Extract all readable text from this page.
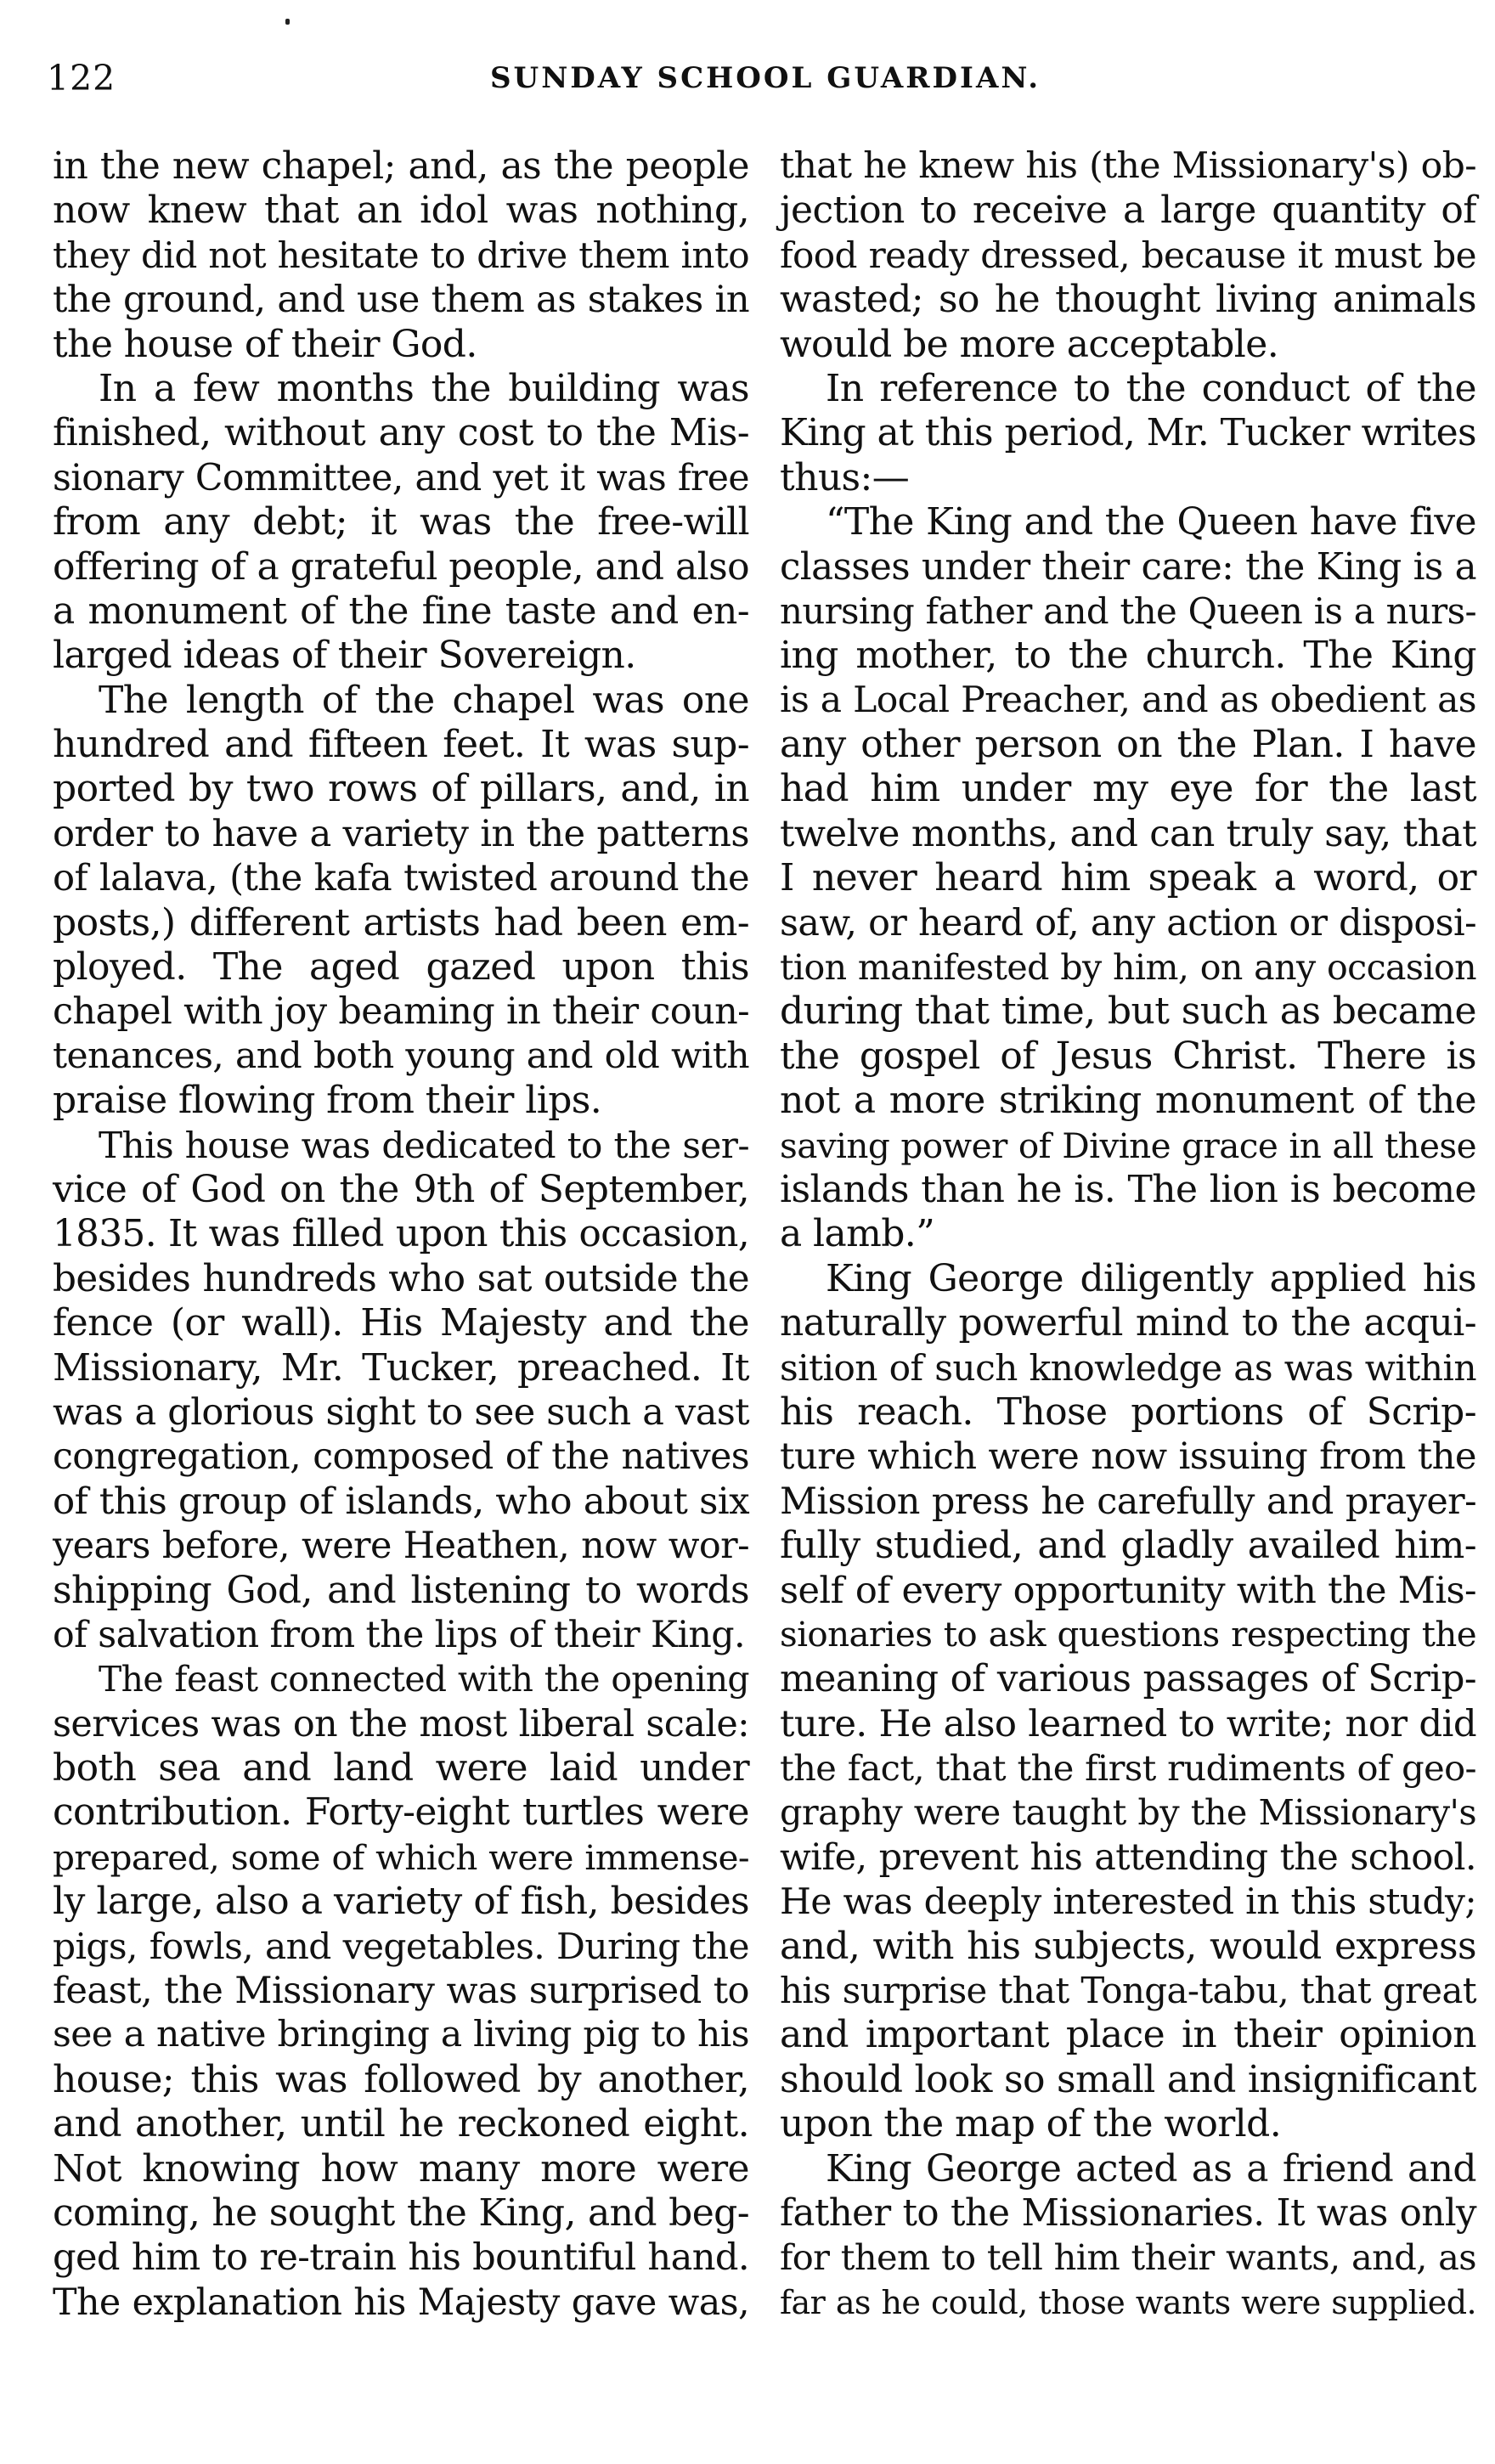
122	SUNDAY SCHOOL GUARDIAN.
in the new chapel; and, as the people
now knew that an idol was nothing,
they did not hesitate to drive them into
the ground, and use them as stakes in
the house of their God.
In a few months the building was
finished, without any cost to the Mis-
sionary Committee, and yet it was free
from any debt; it was the free-will
offering of a grateful people, and also
a monument of the fine taste and en-
larged ideas of their Sovereign.
The length of the chapel was one
hundred and fifteen feet. It was sup-
ported by two rows of pillars, and, in
order to have a variety in the patterns
of lalava, (the kafa twisted around the
posts,) different artists had been em-
ployed. The aged gazed upon this
chapel with joy beaming in their coun-
tenances, and both young and old with
praise flowing from their lips.
This house was dedicated to the ser-
vice of God on the 9th of September,
1835. It was filled upon this occasion,
besides hundreds who sat outside the
fence (or wall). His Majesty and the
Missionary, Mr. Tucker, preached. It
was a glorious sight to see such a vast
congregation, composed of the natives
of this group of islands, who about six
years before, were Heathen, now wor-
shipping God, and listening to words
of salvation from the lips of their King.
The feast connected with the opening
services was on the most liberal scale:
both sea and land were laid under
contribution. Forty-eight turtles were
prepared, some of which were immense-
ly large, also a variety of fish, besides
pigs, fowls, and vegetables. During the
feast, the Missionary was surprised to
see a native bringing a living pig to his
house; this was followed by another,
and another, until he reckoned eight.
Not knowing how many more were
coming, he sought the King, and beg-
ged him to re-train his bountiful hand.
The explanation his Majesty gave was,
that he knew his (the Missionary's) ob-
jection to receive a large quantity of
food ready dressed, because it must be
wasted; so he thought living animals
would be more acceptable.
In reference to the conduct of the
King at this period, Mr. Tucker writes
thus:—
“The King and the Queen have five
classes under their care: the King is a
nursing father and the Queen is a nurs-
ing mother, to the church. The King
is a Local Preacher, and as obedient as
any other person on the Plan. I have
had him under my eye for the last
twelve months, and can truly say, that
I never heard him speak a word, or
saw, or heard of, any action or disposi-
tion manifested by him, on any occasion
during that time, but such as became
the gospel of Jesus Christ. There is
not a more striking monument of the
saving power of Divine grace in all these
islands than he is. The lion is become
a lamb.”
King George diligently applied his
naturally powerful mind to the acqui-
sition of such knowledge as was within
his reach. Those portions of Scrip-
ture which were now issuing from the
Mission press he carefully and prayer-
fully studied, and gladly availed him-
self of every opportunity with the Mis-
sionaries to ask questions respecting the
meaning of various passages of Scrip-
ture. He also learned to write; nor did
the fact, that the first rudiments of geo-
graphy were taught by the Missionary's
wife, prevent his attending the school.
He was deeply interested in this study;
and, with his subjects, would express
his surprise that Tonga-tabu, that great
and important place in their opinion
should look so small and insignificant
upon the map of the world.
King George acted as a friend and
father to the Missionaries. It was only
for them to tell him their wants, and, as
far as he could, those wants were supplied.
